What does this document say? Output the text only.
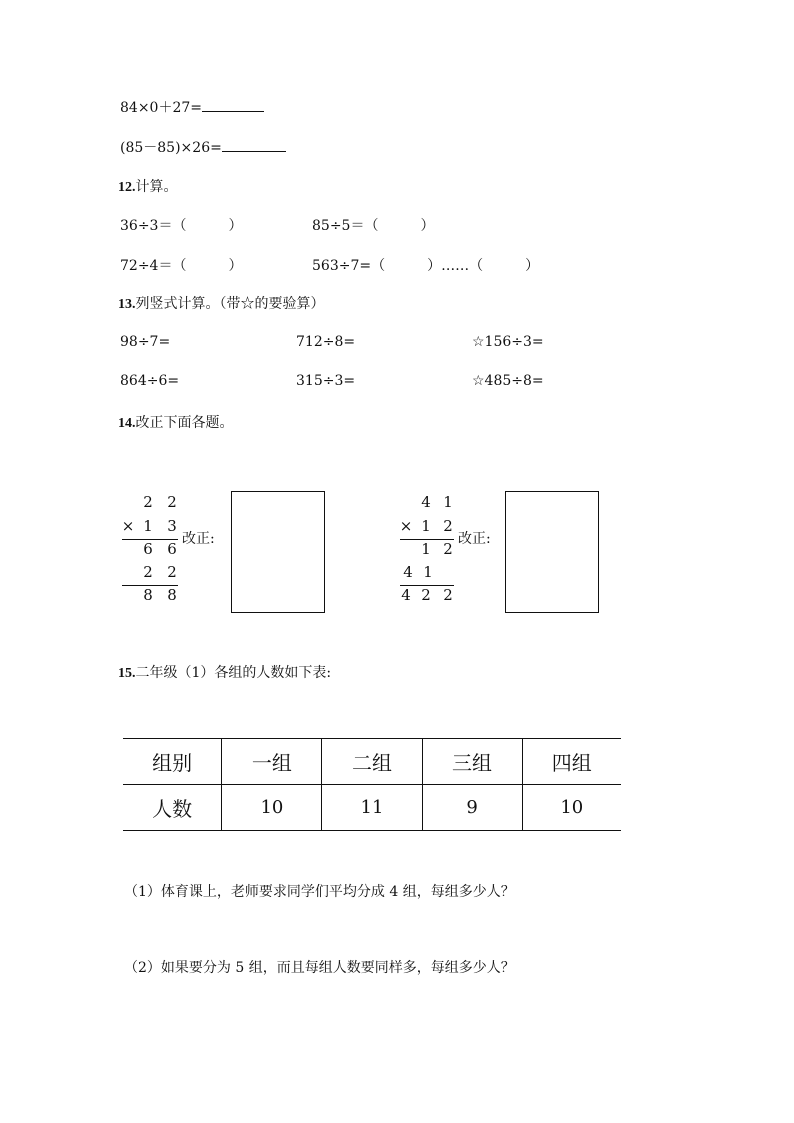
84×0＋27=
(85－85)×26=
12.计算。
36÷3＝（　　　）	85÷5＝（　　　）
72÷4＝（　　　）	563÷7=（　　　）……（　　　）
13.列竖式计算。（带☆的要验算）
98÷7=	712÷8=	☆156÷3=
864÷6=	315÷3=	☆485÷8=
14.改正下面各题。
2 2
× 1 3
6 6
2 2
8 8
改正:
4 1
× 1 2
1 2
4 1
4 2 2
改正:
15.二年级（1）各组的人数如下表:
组别	一组	二组	三组	四组
人数	10	11	9	10
（1）体育课上，老师要求同学们平均分成 4 组，每组多少人？
（2）如果要分为 5 组，而且每组人数要同样多，每组多少人？
